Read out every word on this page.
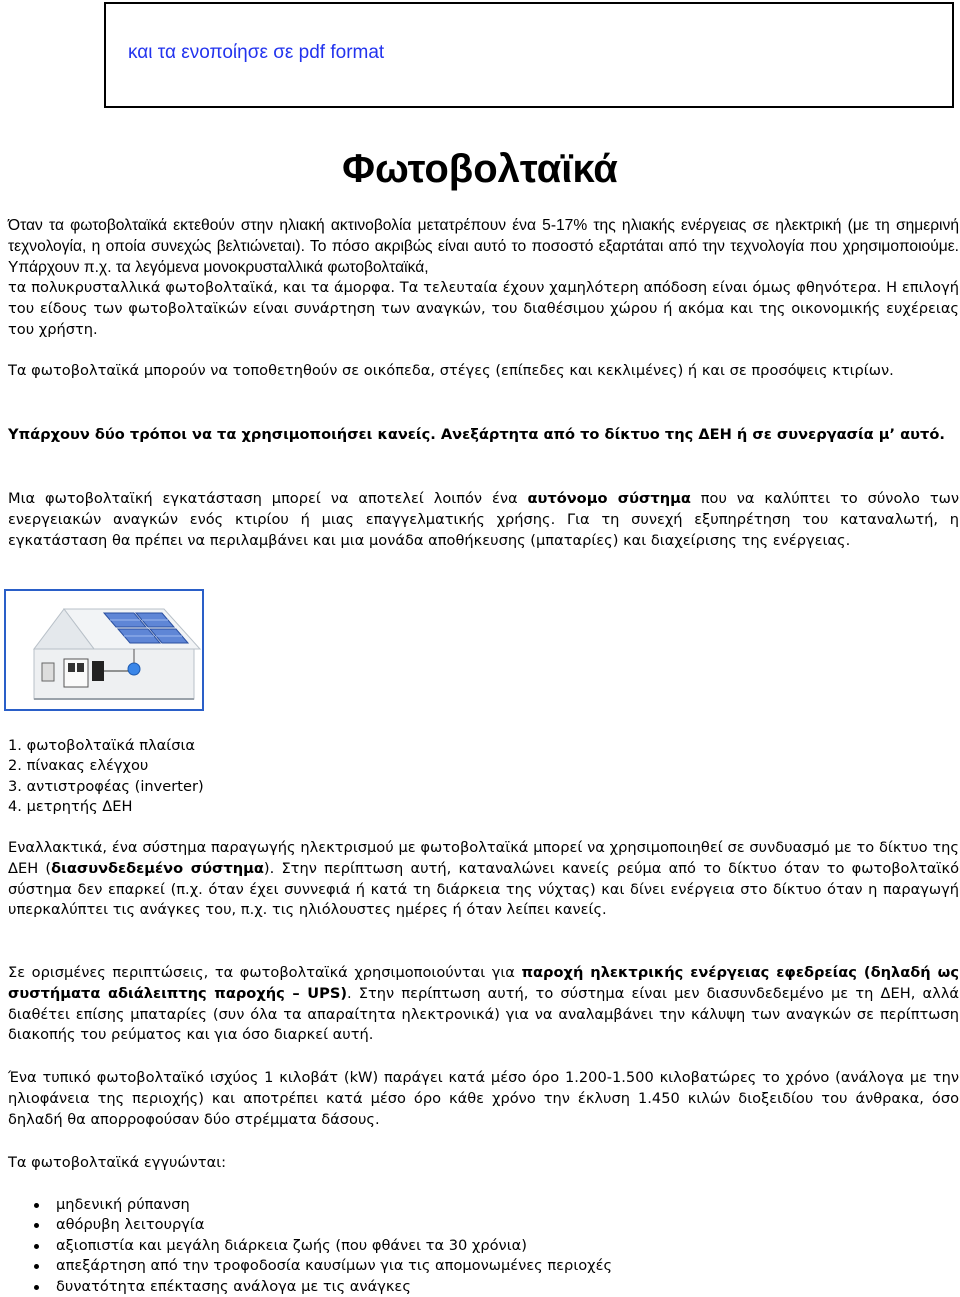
και τα ενοποίησε σε pdf format
Φωτοβολταϊκά
Όταν τα φωτοβολταϊκά εκτεθούν στην ηλιακή ακτινοβολία μετατρέπουν ένα 5-17% της ηλιακής ενέργειας σε ηλεκτρική (με τη σημερινή τεχνολογία, η οποία συνεχώς βελτιώνεται). Το πόσο ακριβώς είναι αυτό το ποσοστό εξαρτάται από την τεχνολογία που χρησιμοποιούμε. Υπάρχουν π.χ. τα λεγόμενα μονοκρυσταλλικά φωτοβολταϊκά,
τα πολυκρυσταλλικά φωτοβολταϊκά, και τα άμορφα. Τα τελευταία έχουν χαμηλότερη απόδοση είναι όμως φθηνότερα. Η επιλογή του είδους των φωτοβολταϊκών είναι συνάρτηση των αναγκών, του διαθέσιμου χώρου ή ακόμα και της οικονομικής ευχέρειας του χρήστη.
Τα φωτοβολταϊκά μπορούν να τοποθετηθούν σε οικόπεδα, στέγες (επίπεδες και κεκλιμένες) ή και σε προσόψεις κτιρίων.
Υπάρχουν δύο τρόποι να τα χρησιμοποιήσει κανείς. Ανεξάρτητα από το δίκτυο της ΔΕΗ ή σε συνεργασία μ’ αυτό.
Μια φωτοβολταϊκή εγκατάσταση μπορεί να αποτελεί λοιπόν ένα αυτόνομο σύστημα που να καλύπτει το σύνολο των ενεργειακών αναγκών ενός κτιρίου ή μιας επαγγελματικής χρήσης. Για τη συνεχή εξυπηρέτηση του καταναλωτή, η εγκατάσταση θα πρέπει να περιλαμβάνει και μια μονάδα αποθήκευσης (μπαταρίες) και διαχείρισης της ενέργειας.
1. φωτοβολταϊκά πλαίσια
2. πίνακας ελέγχου
3. αντιστροφέας (inverter)
4. μετρητής ΔΕΗ
Εναλλακτικά, ένα σύστημα παραγωγής ηλεκτρισμού με φωτοβολταϊκά μπορεί να χρησιμοποιηθεί σε συνδυασμό με το δίκτυο της ΔΕΗ (διασυνδεδεμένο σύστημα). Στην περίπτωση αυτή, καταναλώνει κανείς ρεύμα από το δίκτυο όταν το φωτοβολταϊκό σύστημα δεν επαρκεί (π.χ. όταν έχει συννεφιά ή κατά τη διάρκεια της νύχτας) και δίνει ενέργεια στο δίκτυο όταν η παραγωγή υπερκαλύπτει τις ανάγκες του, π.χ. τις ηλιόλουστες ημέρες ή όταν λείπει κανείς.
Σε ορισμένες περιπτώσεις, τα φωτοβολταϊκά χρησιμοποιούνται για παροχή ηλεκτρικής ενέργειας εφεδρείας (δηλαδή ως συστήματα αδιάλειπτης παροχής – UPS). Στην περίπτωση αυτή, το σύστημα είναι μεν διασυνδεδεμένο με τη ΔΕΗ, αλλά διαθέτει επίσης μπαταρίες (συν όλα τα απαραίτητα ηλεκτρονικά) για να αναλαμβάνει την κάλυψη των αναγκών σε περίπτωση διακοπής του ρεύματος και για όσο διαρκεί αυτή.
Ένα τυπικό φωτοβολταϊκό ισχύος 1 κιλοβάτ (kW) παράγει κατά μέσο όρο 1.200-1.500 κιλοβατώρες το χρόνο (ανάλογα με την ηλιοφάνεια της περιοχής) και αποτρέπει κατά μέσο όρο κάθε χρόνο την έκλυση 1.450 κιλών διοξειδίου του άνθρακα, όσο δηλαδή θα απορροφούσαν δύο στρέμματα δάσους.
Τα φωτοβολταϊκά εγγυώνται:
μηδενική ρύπανση
αθόρυβη λειτουργία
αξιοπιστία και μεγάλη διάρκεια ζωής (που φθάνει τα 30 χρόνια)
απεξάρτηση από την τροφοδοσία καυσίμων για τις απομονωμένες περιοχές
δυνατότητα επέκτασης ανάλογα με τις ανάγκες
